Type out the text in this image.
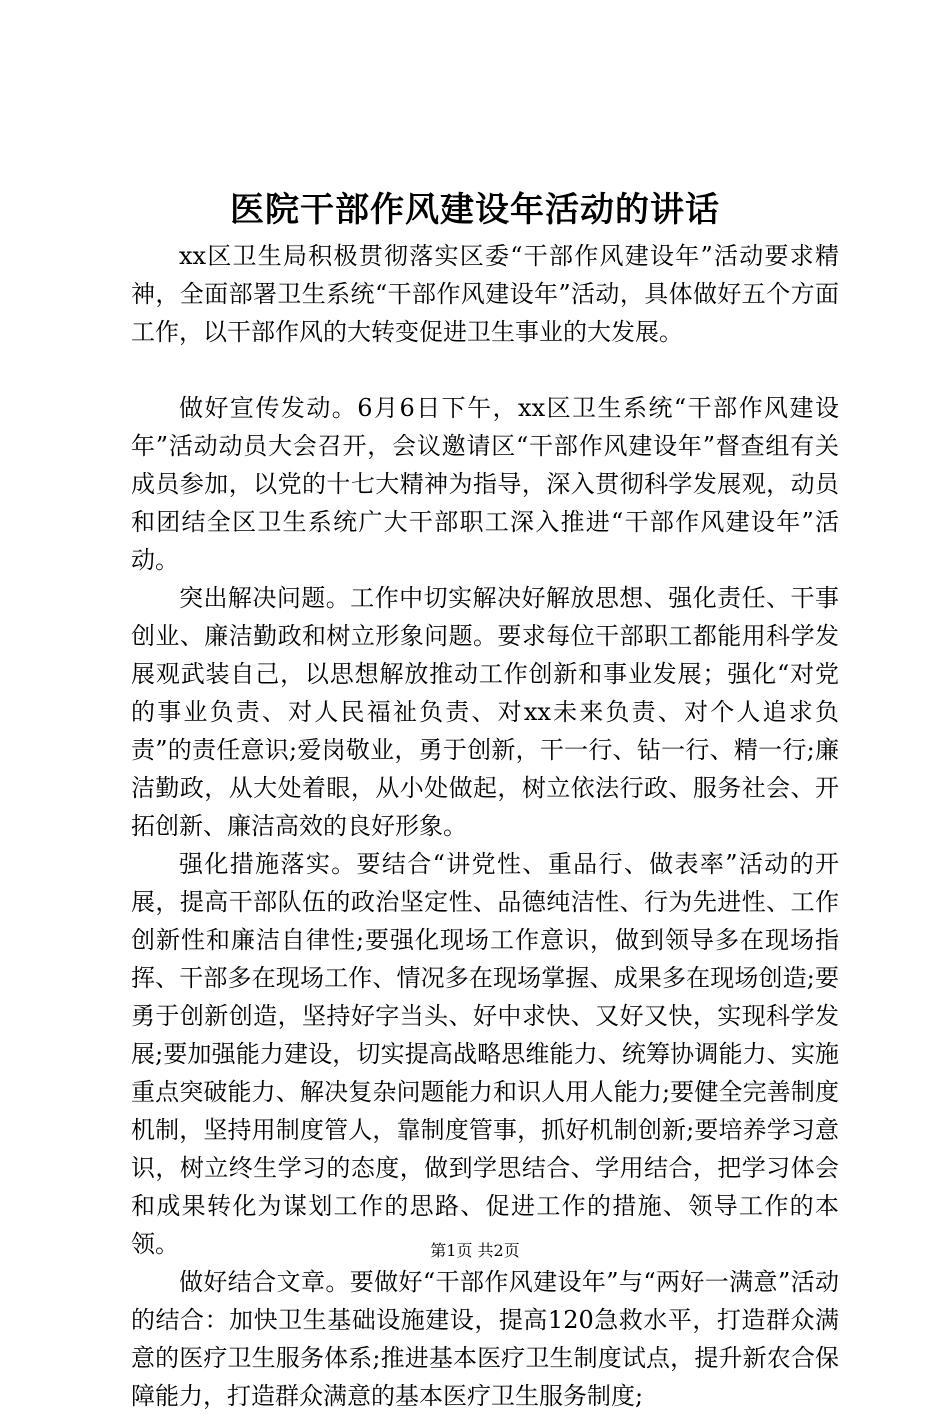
医院干部作风建设年活动的讲话

xx区卫生局积极贯彻落实区委“干部作风建设年”活动要求精神，全面部署卫生系统“干部作风建设年”活动，具体做好五个方面工作，以干部作风的大转变促进卫生事业的大发展。

做好宣传发动。6月6日下午，xx区卫生系统“干部作风建设年”活动动员大会召开，会议邀请区“干部作风建设年”督查组有关成员参加，以党的十七大精神为指导，深入贯彻科学发展观，动员和团结全区卫生系统广大干部职工深入推进“干部作风建设年”活动。

突出解决问题。工作中切实解决好解放思想、强化责任、干事创业、廉洁勤政和树立形象问题。要求每位干部职工都能用科学发展观武装自己，以思想解放推动工作创新和事业发展；强化“对党的事业负责、对人民福祉负责、对xx未来负责、对个人追求负责”的责任意识;爱岗敬业，勇于创新，干一行、钻一行、精一行;廉洁勤政，从大处着眼，从小处做起，树立依法行政、服务社会、开拓创新、廉洁高效的良好形象。

强化措施落实。要结合“讲党性、重品行、做表率”活动的开展，提高干部队伍的政治坚定性、品德纯洁性、行为先进性、工作创新性和廉洁自律性;要强化现场工作意识，做到领导多在现场指挥、干部多在现场工作、情况多在现场掌握、成果多在现场创造;要勇于创新创造，坚持好字当头、好中求快、又好又快，实现科学发展;要加强能力建设，切实提高战略思维能力、统筹协调能力、实施重点突破能力、解决复杂问题能力和识人用人能力;要健全完善制度机制，坚持用制度管人，靠制度管事，抓好机制创新;要培养学习意识，树立终生学习的态度，做到学思结合、学用结合，把学习体会和成果转化为谋划工作的思路、促进工作的措施、领导工作的本领。

做好结合文章。要做好“干部作风建设年”与“两好一满意”活动的结合：加快卫生基础设施建设，提高120急救水平，打造群众满意的医疗卫生服务体系;推进基本医疗卫生制度试点，提升新农合保障能力，打造群众满意的基本医疗卫生服务制度;

第1页 共2页
